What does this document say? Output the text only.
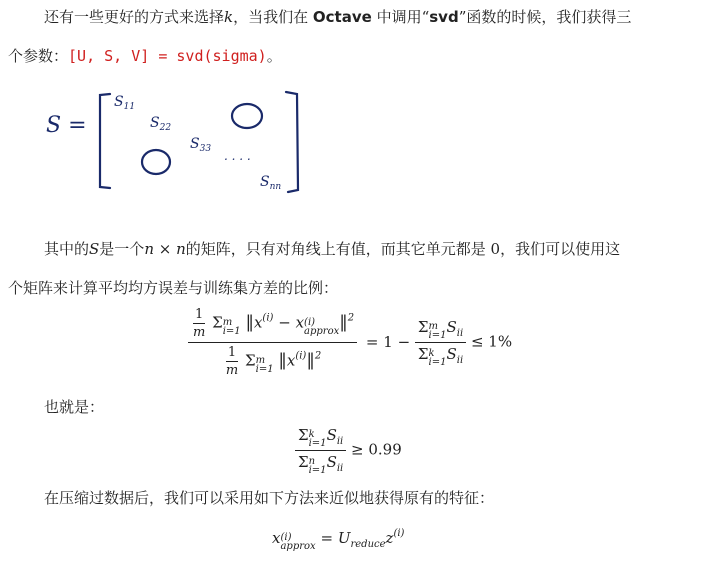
还有一些更好的方式来选择k，当我们在 Octave 中调用“svd”函数的时候，我们获得三
个参数：[U, S, V] = svd(sigma)。
S =
$S_{11}$
$S_{22}$
$S_{33}$ . . . .
$S_{nn}$
其中的S是一个n × n的矩阵，只有对角线上有值，而其它单元都是 0，我们可以使用这
个矩阵来计算平均均方误差与训练集方差的比例：
$\frac{1}{m}$ Σ m
i=1 $‖x^{(i)} - x$ (i)
approx ‖$^2$
$\frac{1}{m}$ Σ m
i=1 $‖x^{(i)}‖^2 = 1 - \Sigma$ m
i=1 $S_{ii}$
Σ k
i=1 $S_{ii} \le 1\%$
也就是：
Σ k
i=1 $S_{ii}$
Σ n
i=1 $S_{ii} \ge 0.99$
在压缩过数据后，我们可以采用如下方法来近似地获得原有的特征：
x (i)
approx = $U_{reduce}z^{(i)}$
